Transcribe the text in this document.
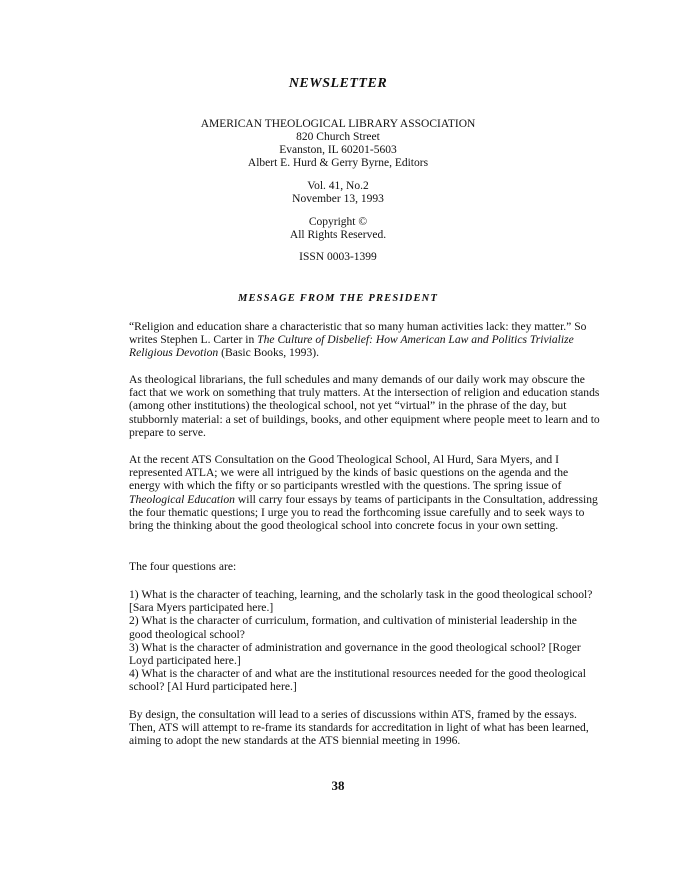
NEWSLETTER
AMERICAN THEOLOGICAL LIBRARY ASSOCIATION
820 Church Street
Evanston, IL 60201-5603
Albert E. Hurd & Gerry Byrne, Editors
Vol. 41, No.2
November 13, 1993
Copyright ©
All Rights Reserved.
ISSN 0003-1399
MESSAGE FROM THE PRESIDENT

“Religion and education share a characteristic that so many human activities lack: they matter.” So writes Stephen L. Carter in The Culture of Disbelief: How American Law and Politics Trivialize Religious Devotion (Basic Books, 1993).

As theological librarians, the full schedules and many demands of our daily work may obscure the fact that we work on something that truly matters. At the intersection of religion and education stands (among other institutions) the theological school, not yet “virtual” in the phrase of the day, but stubbornly material: a set of buildings, books, and other equipment where people meet to learn and to prepare to serve.

At the recent ATS Consultation on the Good Theological School, Al Hurd, Sara Myers, and I represented ATLA; we were all intrigued by the kinds of basic questions on the agenda and the energy with which the fifty or so participants wrestled with the questions. The spring issue of Theological Education will carry four essays by teams of participants in the Consultation, addressing the four thematic questions; I urge you to read the forthcoming issue carefully and to seek ways to bring the thinking about the good theological school into concrete focus in your own setting.

The four questions are:

1) What is the character of teaching, learning, and the scholarly task in the good theological school? [Sara Myers participated here.]

2) What is the character of curriculum, formation, and cultivation of ministerial leadership in the good theological school?

3) What is the character of administration and governance in the good theological school? [Roger Loyd participated here.]

4) What is the character of and what are the institutional resources needed for the good theological school? [Al Hurd participated here.]

By design, the consultation will lead to a series of discussions within ATS, framed by the essays. Then, ATS will attempt to re-frame its standards for accreditation in light of what has been learned, aiming to adopt the new standards at the ATS biennial meeting in 1996.

38
